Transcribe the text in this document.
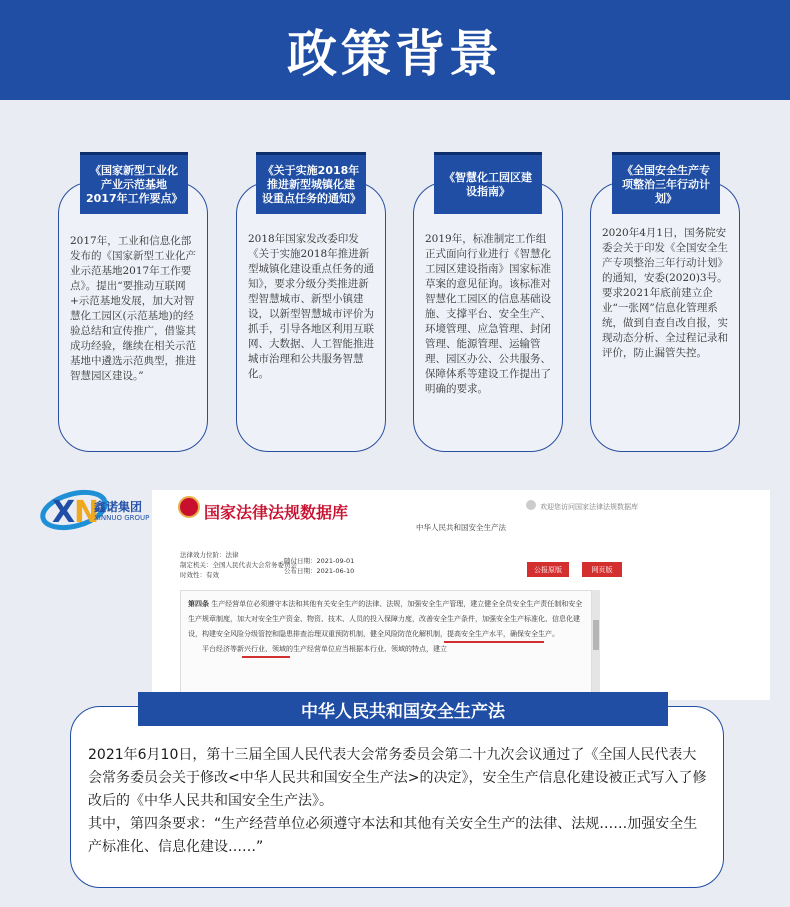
政策背景
《国家新型工业化产业示范基地2017年工作要点》
2017年，工业和信息化部发布的《国家新型工业化产业示范基地2017年工作要点》。提出“要推动互联网+示范基地发展，加大对智慧化工园区(示范基地)的经验总结和宣传推广，借鉴其成功经验，继续在相关示范基地中遴选示范典型，推进智慧园区建设。”
《关于实施2018年推进新型城镇化建设重点任务的通知》
2018年国家发改委印发《关于实施2018年推进新型城镇化建设重点任务的通知》，要求分级分类推进新型智慧城市、新型小镇建设，以新型智慧城市评价为抓手，引导各地区利用互联网、大数据、人工智能推进城市治理和公共服务智慧化。
《智慧化工园区建设指南》
2019年，标准制定工作组正式面向行业进行《智慧化工园区建设指南》国家标准草案的意见征询。该标准对智慧化工园区的信息基础设施、支撑平台、安全生产、环境管理、应急管理、封闭管理、能源管理、运输管理、园区办公、公共服务、保障体系等建设工作提出了明确的要求。
《全国安全生产专项整治三年行动计划》
2020年4月1日，国务院安委会关于印发《全国安全生产专项整治三年行动计划》的通知，安委(2020)3号。要求2021年底前建立企业“一张网”信息化管理系统，做到自查自改自报，实现动态分析、全过程记录和评价，防止漏管失控。
X
N
鑫诺集团
XINNUO GROUP	国家法律法规数据库	欢迎您访问国家法律法规数据库
中华人民共和国安全生产法
法律效力位阶：法律
制定机关：全国人民代表大会常务委员会
时效性：有效
随付日期：2021-09-01
公布日期：2021-06-10	公报原版	网页版
第四条 生产经营单位必须遵守本法和其他有关安全生产的法律、法规，加强安全生产管理，建立健全全员安全生产责任制和安全生产规章制度，加大对安全生产资金、物资、技术、人员的投入保障力度，改善安全生产条件，加强安全生产标准化、信息化建设，构建安全风险分级管控和隐患排查治理双重预防机制，健全风险防范化解机制，提高安全生产水平，确保安全生产。
平台经济等新兴行业、领域的生产经营单位应当根据本行业、领域的特点，建立
中华人民共和国安全生产法
2021年6月10日，第十三届全国人民代表大会常务委员会第二十九次会议通过了《全国人民代表大会常务委员会关于修改<中华人民共和国安全生产法>的决定》，安全生产信息化建设被正式写入了修改后的《中华人民共和国安全生产法》。
其中，第四条要求：“生产经营单位必须遵守本法和其他有关安全生产的法律、法规……加强安全生产标准化、信息化建设……”
